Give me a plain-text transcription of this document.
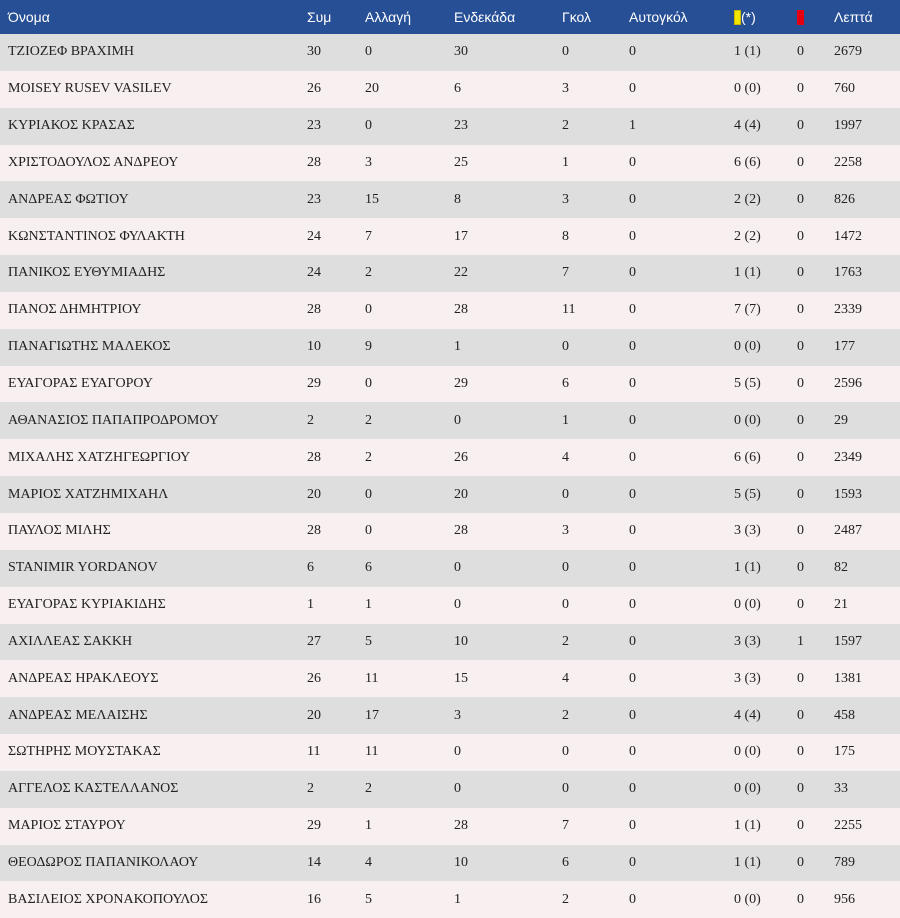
Όνομα	Συμ	Αλλαγή	Ενδεκάδα	Γκολ	Αυτογκόλ	(*)		Λεπτά
ΤΖΙΟΖΕΦ ΒΡΑΧΙΜΗ	30	0	30	0	0	1 (1)	0	2679
MOISEY RUSEV VASILEV	26	20	6	3	0	0 (0)	0	760
ΚΥΡΙΑΚΟΣ ΚΡΑΣΑΣ	23	0	23	2	1	4 (4)	0	1997
ΧΡΙΣΤΟΔΟΥΛΟΣ ΑΝΔΡΕΟΥ	28	3	25	1	0	6 (6)	0	2258
ΑΝΔΡΕΑΣ ΦΩΤΙΟΥ	23	15	8	3	0	2 (2)	0	826
ΚΩΝΣΤΑΝΤΙΝΟΣ ΦΥΛΑΚΤΗ	24	7	17	8	0	2 (2)	0	1472
ΠΑΝΙΚΟΣ ΕΥΘΥΜΙΑΔΗΣ	24	2	22	7	0	1 (1)	0	1763
ΠΑΝΟΣ ΔΗΜΗΤΡΙΟΥ	28	0	28	11	0	7 (7)	0	2339
ΠΑΝΑΓΙΩΤΗΣ ΜΑΛΕΚΟΣ	10	9	1	0	0	0 (0)	0	177
ΕΥΑΓΟΡΑΣ ΕΥΑΓΟΡΟΥ	29	0	29	6	0	5 (5)	0	2596
ΑΘΑΝΑΣΙΟΣ ΠΑΠΑΠΡΟΔΡΟΜΟΥ	2	2	0	1	0	0 (0)	0	29
ΜΙΧΑΛΗΣ ΧΑΤΖΗΓΕΩΡΓΙΟΥ	28	2	26	4	0	6 (6)	0	2349
ΜΑΡΙΟΣ ΧΑΤΖΗΜΙΧΑΗΛ	20	0	20	0	0	5 (5)	0	1593
ΠΑΥΛΟΣ ΜΙΛΗΣ	28	0	28	3	0	3 (3)	0	2487
STANIMIR YORDANOV	6	6	0	0	0	1 (1)	0	82
ΕΥΑΓΟΡΑΣ ΚΥΡΙΑΚΙΔΗΣ	1	1	0	0	0	0 (0)	0	21
ΑΧΙΛΛΕΑΣ ΣΑΚΚΗ	27	5	10	2	0	3 (3)	1	1597
ΑΝΔΡΕΑΣ ΗΡΑΚΛΕΟΥΣ	26	11	15	4	0	3 (3)	0	1381
ΑΝΔΡΕΑΣ ΜΕΛΑΙΣΗΣ	20	17	3	2	0	4 (4)	0	458
ΣΩΤΗΡΗΣ ΜΟΥΣΤΑΚΑΣ	11	11	0	0	0	0 (0)	0	175
ΑΓΓΕΛΟΣ ΚΑΣΤΕΛΛΑΝΟΣ	2	2	0	0	0	0 (0)	0	33
ΜΑΡΙΟΣ ΣΤΑΥΡΟΥ	29	1	28	7	0	1 (1)	0	2255
ΘΕΟΔΩΡΟΣ ΠΑΠΑΝΙΚΟΛΑΟΥ	14	4	10	6	0	1 (1)	0	789
ΒΑΣΙΛΕΙΟΣ ΧΡΟΝΑΚΟΠΟΥΛΟΣ	16	5	1	2	0	0 (0)	0	956
